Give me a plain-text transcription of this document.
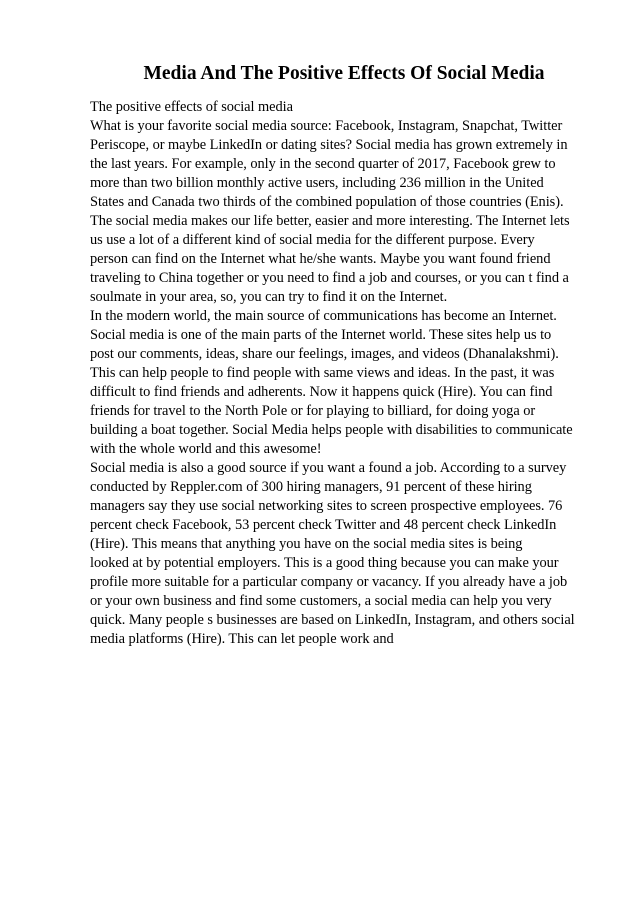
Media And The Positive Effects Of Social Media
The positive effects of social media
What is your favorite social media source: Facebook, Instagram, Snapchat, Twitter
Periscope, or maybe LinkedIn or dating sites? Social media has grown extremely in
the last years. For example, only in the second quarter of 2017, Facebook grew to
more than two billion monthly active users, including 236 million in the United
States and Canada two thirds of the combined population of those countries (Enis).
The social media makes our life better, easier and more interesting. The Internet lets
us use a lot of a different kind of social media for the different purpose. Every
person can find on the Internet what he/she wants. Maybe you want found friend
traveling to China together or you need to find a job and courses, or you can t find a
soulmate in your area, so, you can try to find it on the Internet.
In the modern world, the main source of communications has become an Internet.
Social media is one of the main parts of the Internet world. These sites help us to
post our comments, ideas, share our feelings, images, and videos (Dhanalakshmi).
This can help people to find people with same views and ideas. In the past, it was
difficult to find friends and adherents. Now it happens quick (Hire). You can find
friends for travel to the North Pole or for playing to billiard, for doing yoga or
building a boat together. Social Media helps people with disabilities to communicate
with the whole world and this awesome!
Social media is also a good source if you want a found a job. According to a survey
conducted by Reppler.com of 300 hiring managers, 91 percent of these hiring
managers say they use social networking sites to screen prospective employees. 76
percent check Facebook, 53 percent check Twitter and 48 percent check LinkedIn
(Hire). This means that anything you have on the social media sites is being
looked at by potential employers. This is a good thing because you can make your
profile more suitable for a particular company or vacancy. If you already have a job
or your own business and find some customers, a social media can help you very
quick. Many people s businesses are based on LinkedIn, Instagram, and others social
media platforms (Hire). This can let people work and
